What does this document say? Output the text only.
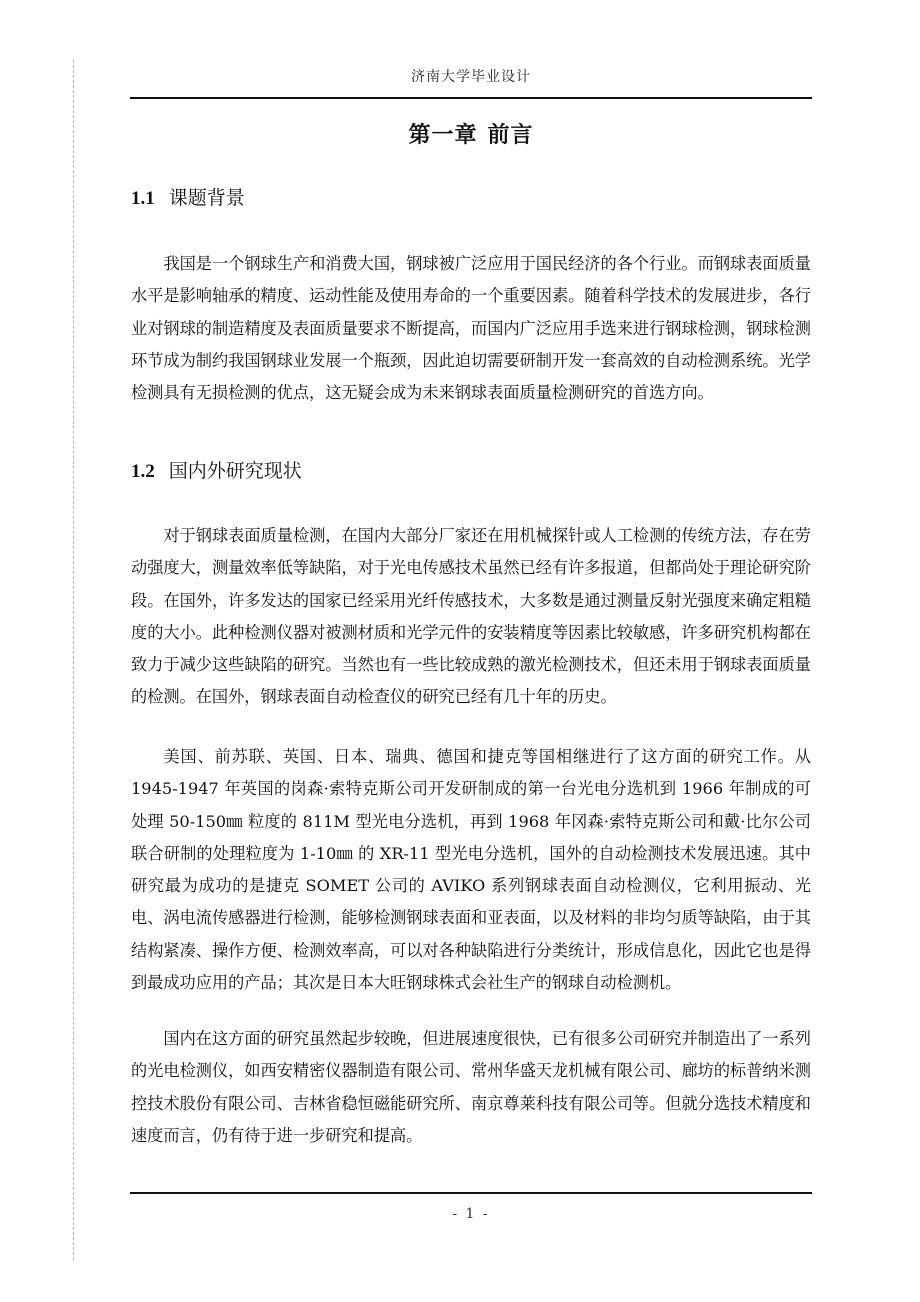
济南大学毕业设计
第一章 前言
1.1 课题背景

我国是一个钢球生产和消费大国，钢球被广泛应用于国民经济的各个行业。而钢球表面质量水平是影响轴承的精度、运动性能及使用寿命的一个重要因素。随着科学技术的发展进步，各行业对钢球的制造精度及表面质量要求不断提高，而国内广泛应用手选来进行钢球检测，钢球检测环节成为制约我国钢球业发展一个瓶颈，因此迫切需要研制开发一套高效的自动检测系统。光学检测具有无损检测的优点，这无疑会成为未来钢球表面质量检测研究的首选方向。

1.2 国内外研究现状

对于钢球表面质量检测，在国内大部分厂家还在用机械探针或人工检测的传统方法，存在劳动强度大，测量效率低等缺陷，对于光电传感技术虽然已经有许多报道，但都尚处于理论研究阶段。在国外，许多发达的国家已经采用光纤传感技术，大多数是通过测量反射光强度来确定粗糙度的大小。此种检测仪器对被测材质和光学元件的安装精度等因素比较敏感，许多研究机构都在致力于减少这些缺陷的研究。当然也有一些比较成熟的激光检测技术，但还未用于钢球表面质量的检测。在国外，钢球表面自动检查仪的研究已经有几十年的历史。

美国、前苏联、英国、日本、瑞典、德国和捷克等国相继进行了这方面的研究工作。从 1945-1947 年英国的岗森·索特克斯公司开发研制成的第一台光电分选机到 1966 年制成的可处理 50-150㎜ 粒度的 811M 型光电分选机，再到 1968 年冈森·索特克斯公司和戴·比尔公司联合研制的处理粒度为 1-10㎜ 的 XR-11 型光电分选机，国外的自动检测技术发展迅速。其中研究最为成功的是捷克 SOMET 公司的 AVIKO 系列钢球表面自动检测仪，它利用振动、光电、涡电流传感器进行检测，能够检测钢球表面和亚表面，以及材料的非均匀质等缺陷，由于其结构紧凑、操作方便、检测效率高，可以对各种缺陷进行分类统计，形成信息化，因此它也是得到最成功应用的产品；其次是日本大旺钢球株式会社生产的钢球自动检测机。

国内在这方面的研究虽然起步较晚，但进展速度很快，已有很多公司研究并制造出了一系列的光电检测仪，如西安精密仪器制造有限公司、常州华盛天龙机械有限公司、廊坊的标普纳米测控技术股份有限公司、吉林省稳恒磁能研究所、南京尊莱科技有限公司等。但就分选技术精度和速度而言，仍有待于进一步研究和提高。

- 1 -
